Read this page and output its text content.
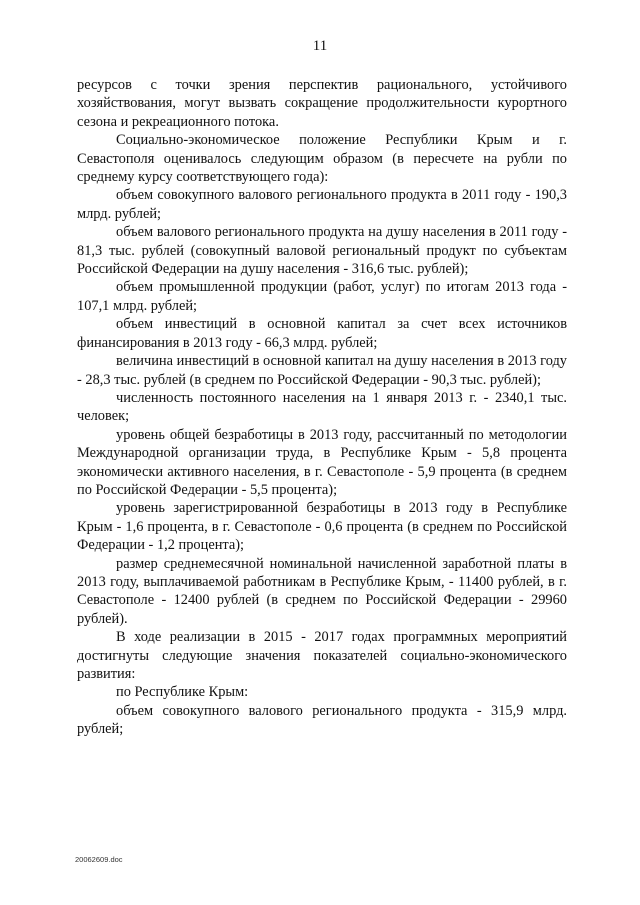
11

ресурсов с точки зрения перспектив рационального, устойчивого хозяйствования, могут вызвать сокращение продолжительности курортного сезона и рекреационного потока.

Социально-экономическое положение Республики Крым и г. Севастополя оценивалось следующим образом (в пересчете на рубли по среднему курсу соответствующего года):

объем совокупного валового регионального продукта в 2011 году - 190,3 млрд. рублей;

объем валового регионального продукта на душу населения в 2011 году - 81,3 тыс. рублей (совокупный валовой региональный продукт по субъектам Российской Федерации на душу населения - 316,6 тыс. рублей);

объем промышленной продукции (работ, услуг) по итогам 2013 года - 107,1 млрд. рублей;

объем инвестиций в основной капитал за счет всех источников финансирования в 2013 году - 66,3 млрд. рублей;

величина инвестиций в основной капитал на душу населения в 2013 году - 28,3 тыс. рублей (в среднем по Российской Федерации - 90,3 тыс. рублей);

численность постоянного населения на 1 января 2013 г. - 2340,1 тыс. человек;

уровень общей безработицы в 2013 году, рассчитанный по методологии Международной организации труда, в Республике Крым - 5,8 процента экономически активного населения, в г. Севастополе - 5,9 процента (в среднем по Российской Федерации - 5,5 процента);

уровень зарегистрированной безработицы в 2013 году в Республике Крым - 1,6 процента, в г. Севастополе - 0,6 процента (в среднем по Российской Федерации - 1,2 процента);

размер среднемесячной номинальной начисленной заработной платы в 2013 году, выплачиваемой работникам в Республике Крым, - 11400 рублей, в г. Севастополе - 12400 рублей (в среднем по Российской Федерации - 29960 рублей).

В ходе реализации в 2015 - 2017 годах программных мероприятий достигнуты следующие значения показателей социально-экономического развития:

по Республике Крым:

объем совокупного валового регионального продукта - 315,9 млрд. рублей;

20062609.doc
